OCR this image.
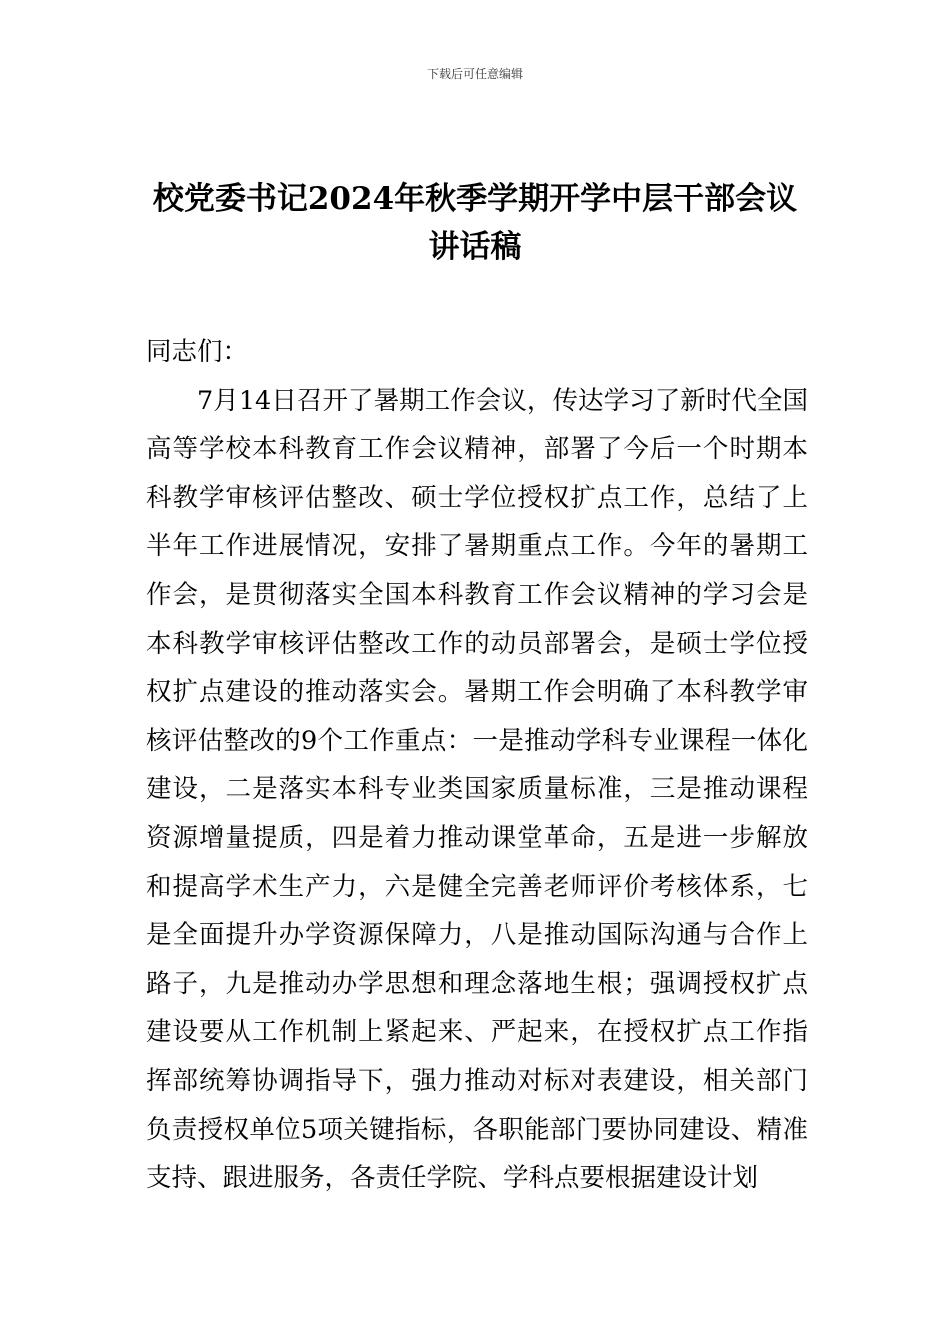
下载后可任意编辑
校党委书记2024年秋季学期开学中层干部会议讲话稿

同志们：

7月14日召开了暑期工作会议，传达学习了新时代全国高等学校本科教育工作会议精神，部署了今后一个时期本科教学审核评估整改、硕士学位授权扩点工作，总结了上半年工作进展情况，安排了暑期重点工作。今年的暑期工作会，是贯彻落实全国本科教育工作会议精神的学习会是本科教学审核评估整改工作的动员部署会，是硕士学位授权扩点建设的推动落实会。暑期工作会明确了本科教学审核评估整改的9个工作重点：一是推动学科专业课程一体化建设，二是落实本科专业类国家质量标准，三是推动课程资源增量提质，四是着力推动课堂革命，五是进一步解放和提高学术生产力，六是健全完善老师评价考核体系，七是全面提升办学资源保障力，八是推动国际沟通与合作上路子，九是推动办学思想和理念落地生根；强调授权扩点建设要从工作机制上紧起来、严起来，在授权扩点工作指挥部统筹协调指导下，强力推动对标对表建设，相关部门负责授权单位5项关键指标，各职能部门要协同建设、精准支持、跟进服务，各责任学院、学科点要根据建设计划
